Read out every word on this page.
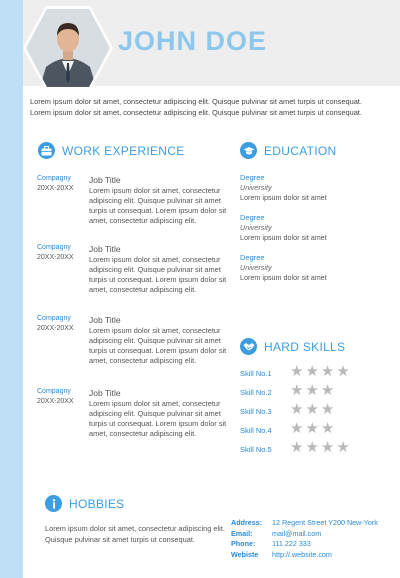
JOHN DOE
Lorem ipsum dolor sit amet, consectetur adipiscing elit. Quisque pulvinar sit amet turpis ut consequat. Lorem ipsum dolor sit amet, consectetur adipiscing elit. Quisque pulvinar sit amet turpis ut consequat.
WORK EXPERIENCE
Compagny
20XX-20XX
Job Title
Lorem ipsum dolor sit amet, consectetur adipiscing elit. Quisque pulvinar sit amet turpis ut consequat. Lorem ipsum dolor sit amet, consectetur adipiscing elit.
Compagny
20XX-20XX
Job Title
Lorem ipsum dolor sit amet, consectetur adipiscing elit. Quisque pulvinar sit amet turpis ut consequat. Lorem ipsum dolor sit amet, consectetur adipiscing elit.
Compagny
20XX-20XX
Job Title
Lorem ipsum dolor sit amet, consectetur adipiscing elit. Quisque pulvinar sit amet turpis ut consequat. Lorem ipsum dolor sit amet, consectetur adipiscing elit.
Compagny
20XX-20XX
Job Title
Lorem ipsum dolor sit amet, consectetur adipiscing elit. Quisque pulvinar sit amet turpis ut consequat. Lorem ipsum dolor sit amet, consectetur adipiscing elit.
EDUCATION
Degree
University
Lorem ipsum dolor sit amet
Degree
University
Lorem ipsum dolor sit amet
Degree
University
Lorem ipsum dolor sit amet
HARD SKILLS
Skill No.1 ★ ★ ★ ★
Skill No.2 ★ ★ ★ ★
Skill No.3 ★ ★ ★ ★
Skill No.4 ★ ★ ★ ★
Skill No.5 ★ ★ ★ ★
HOBBIES
Lorem ipsum dolor sit amet, consectetur adipiscing elit. Quisque pulvinar sit amet turpis ut consequat.
Address:	12 Regent Street Y200 New-York
Email:	mail@mail.com
Phone:	111 222 333
Webiste	http://.website.com
